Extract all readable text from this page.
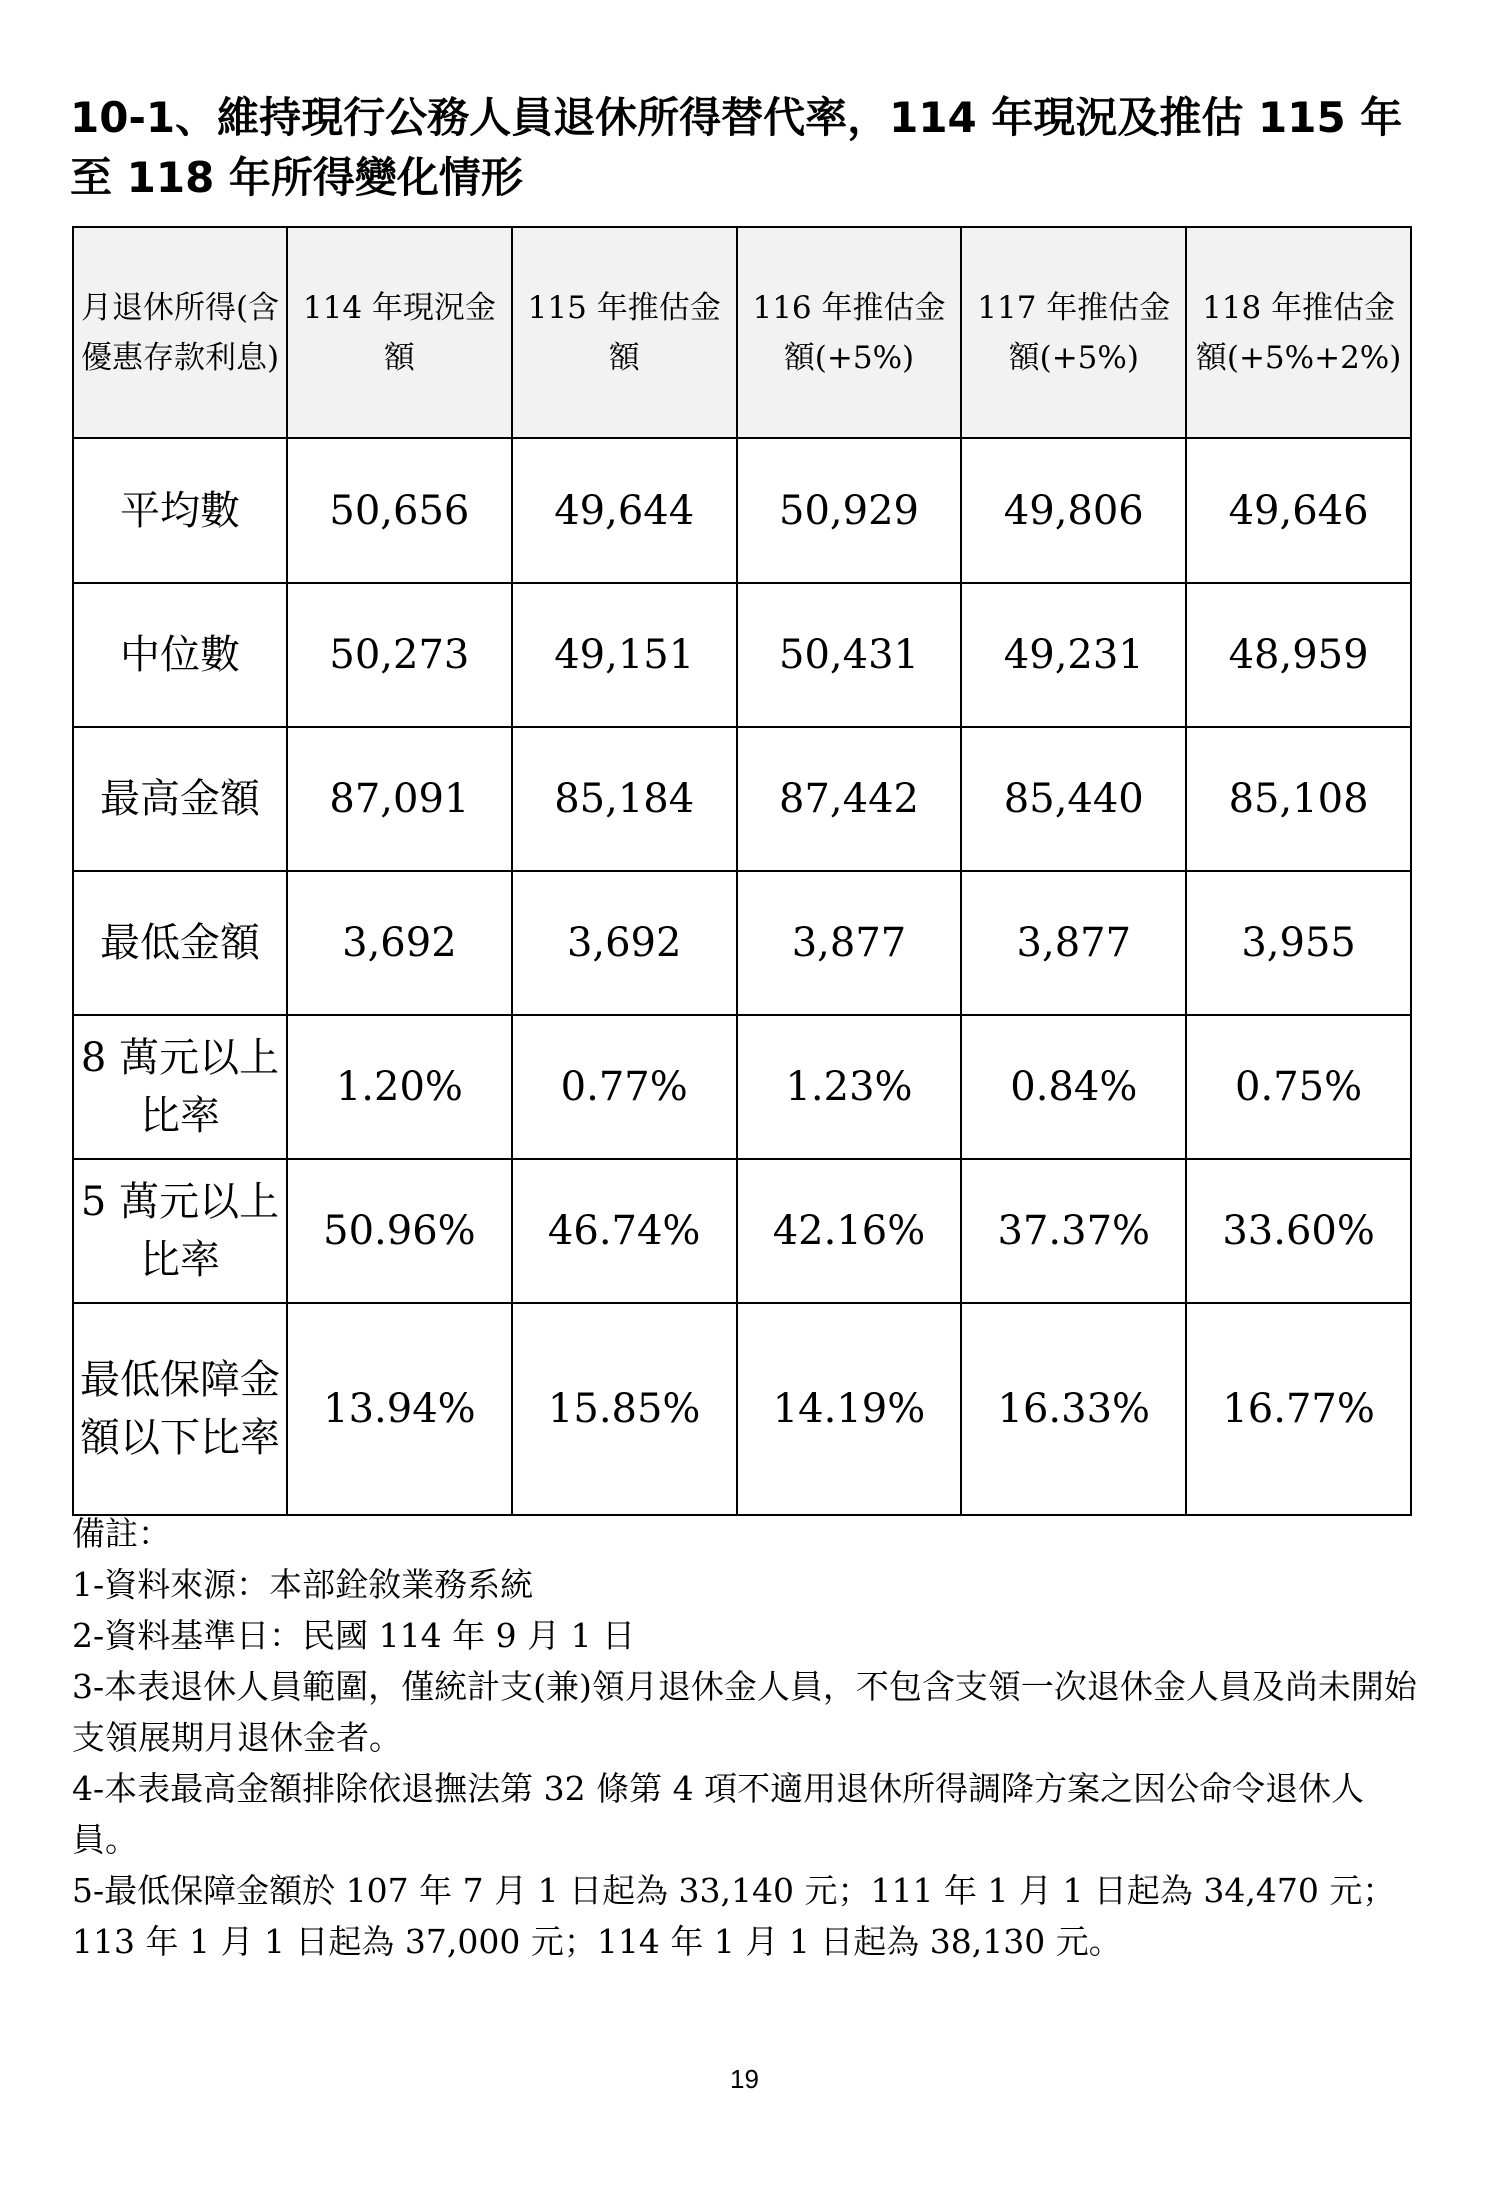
10-1、維持現行公務人員退休所得替代率，114 年現況及推估 115 年至 118 年所得變化情形
月退休所得(含優惠存款利息)	114 年現況金額	115 年推估金額	116 年推估金額(+5%)	117 年推估金額(+5%)	118 年推估金額(+5%+2%)
平均數	50,656	49,644	50,929	49,806	49,646
中位數	50,273	49,151	50,431	49,231	48,959
最高金額	87,091	85,184	87,442	85,440	85,108
最低金額	3,692	3,692	3,877	3,877	3,955
8 萬元以上比率	1.20%	0.77%	1.23%	0.84%	0.75%
5 萬元以上比率	50.96%	46.74%	42.16%	37.37%	33.60%
最低保障金額以下比率	13.94%	15.85%	14.19%	16.33%	16.77%

備註：

1-資料來源：本部銓敘業務系統

2-資料基準日：民國 114 年 9 月 1 日

3-本表退休人員範圍，僅統計支(兼)領月退休金人員，不包含支領一次退休金人員及尚未開始支領展期月退休金者。

4-本表最高金額排除依退撫法第 32 條第 4 項不適用退休所得調降方案之因公命令退休人員。

5-最低保障金額於 107 年 7 月 1 日起為 33,140 元；111 年 1 月 1 日起為 34,470 元；113 年 1 月 1 日起為 37,000 元；114 年 1 月 1 日起為 38,130 元。

19
